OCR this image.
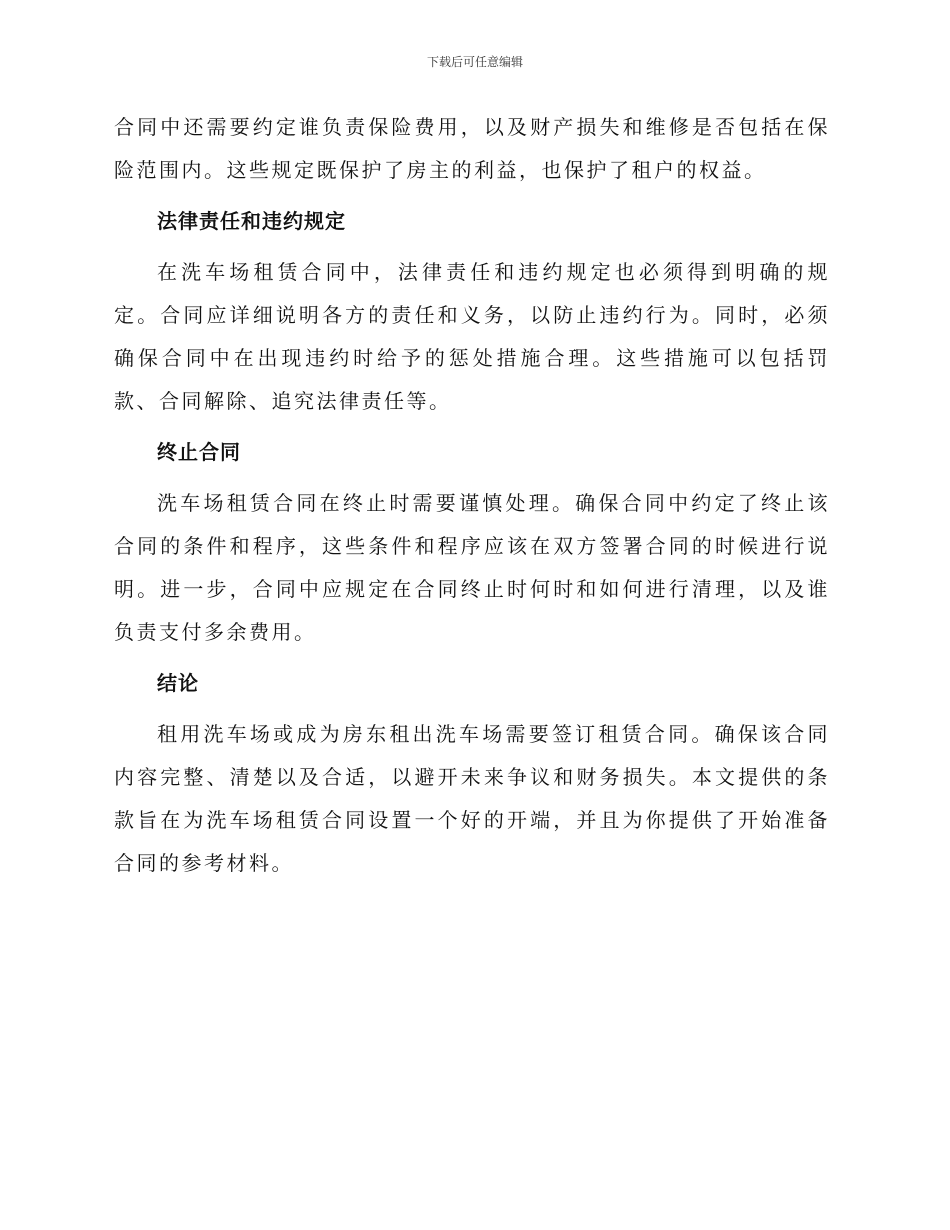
下载后可任意编辑

合同中还需要约定谁负责保险费用，以及财产损失和维修是否包括在保险范围内。这些规定既保护了房主的利益，也保护了租户的权益。

法律责任和违约规定

在洗车场租赁合同中，法律责任和违约规定也必须得到明确的规定。合同应详细说明各方的责任和义务，以防止违约行为。同时，必须确保合同中在出现违约时给予的惩处措施合理。这些措施可以包括罚款、合同解除、追究法律责任等。

终止合同

洗车场租赁合同在终止时需要谨慎处理。确保合同中约定了终止该合同的条件和程序，这些条件和程序应该在双方签署合同的时候进行说明。进一步，合同中应规定在合同终止时何时和如何进行清理，以及谁负责支付多余费用。

结论

租用洗车场或成为房东租出洗车场需要签订租赁合同。确保该合同内容完整、清楚以及合适，以避开未来争议和财务损失。本文提供的条款旨在为洗车场租赁合同设置一个好的开端，并且为你提供了开始准备合同的参考材料。
